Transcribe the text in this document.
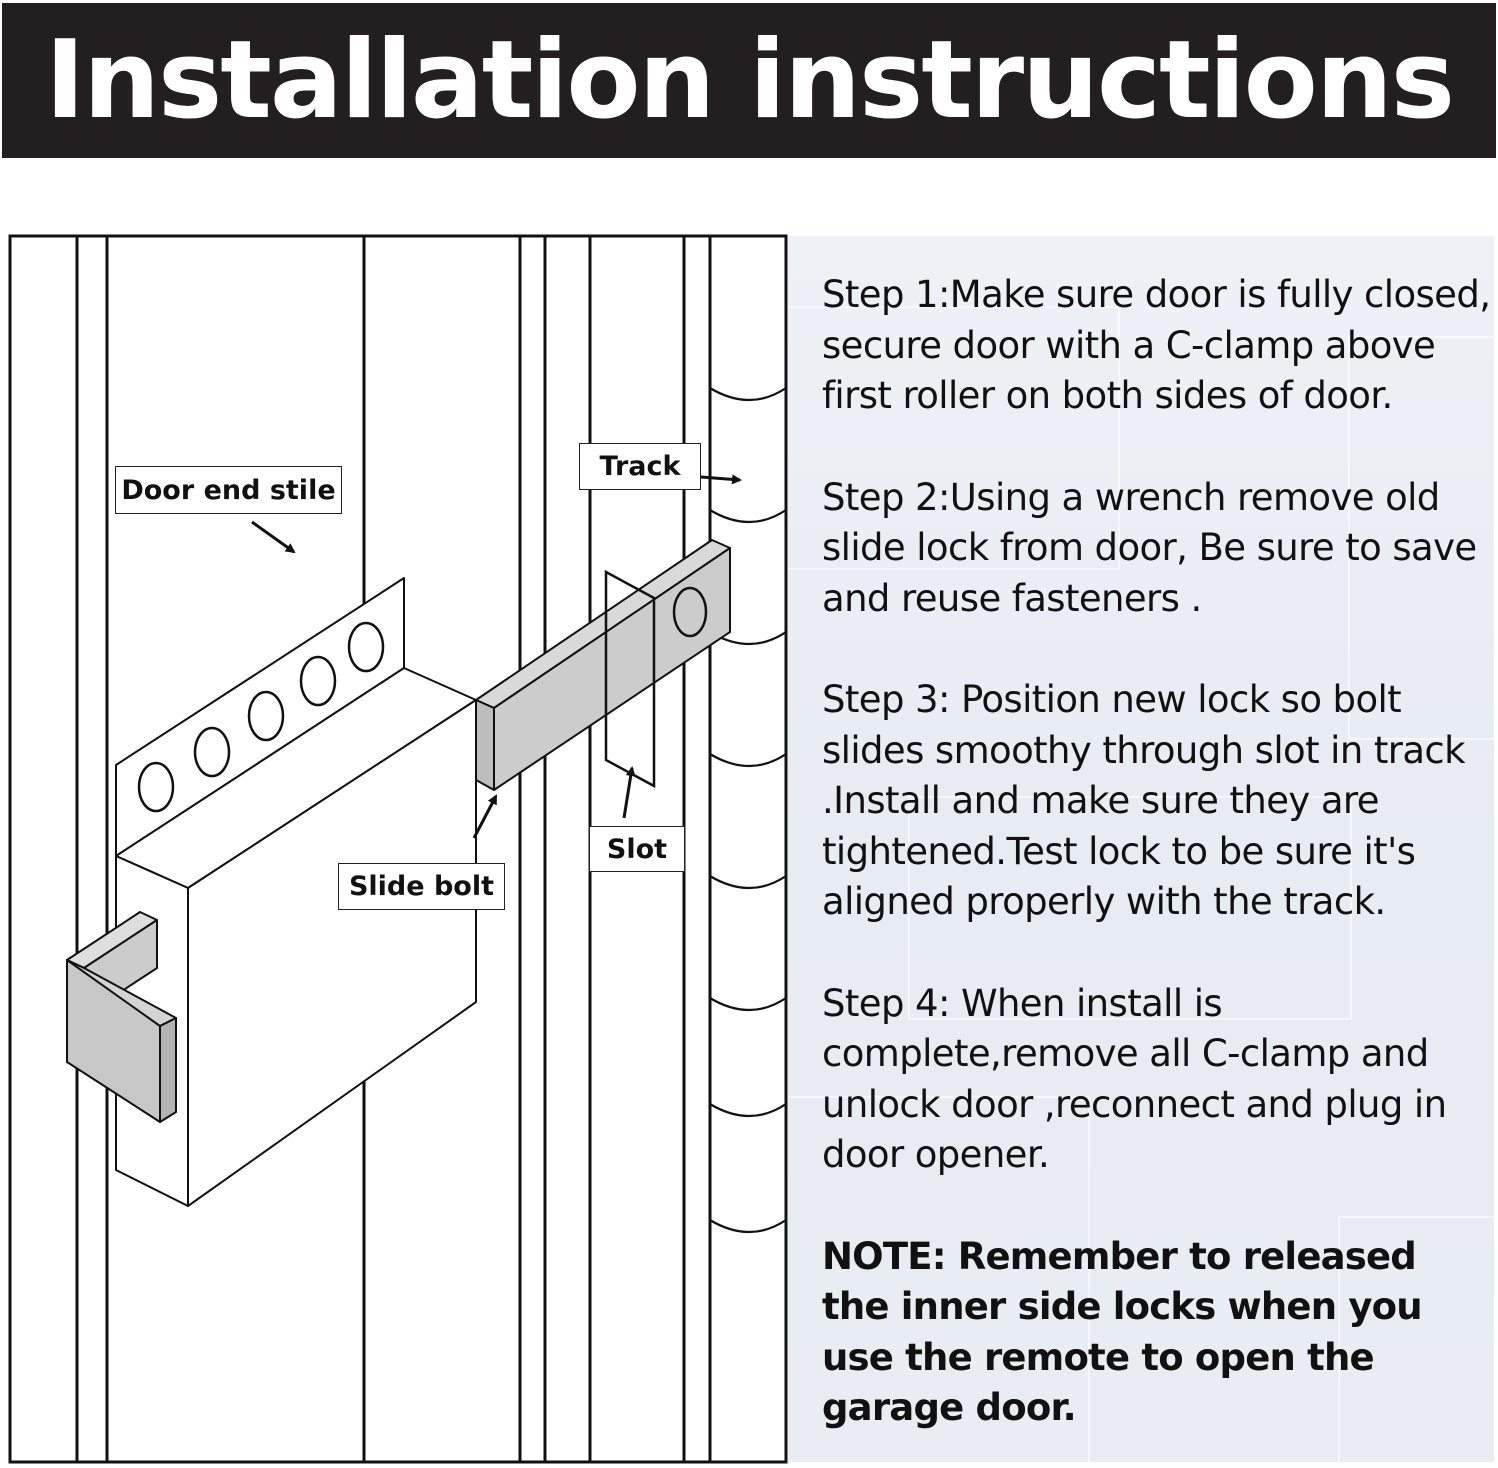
Installation instructions
Door end stile
Track
Slide bolt
Slot

Step 1:Make sure door is fully closed, secure door with a C-clamp above first roller on both sides of door.

Step 2:Using a wrench remove old slide lock from door, Be sure to save and reuse fasteners .

Step 3: Position new lock so bolt slides smoothy through slot in track .Install and make sure they are tightened.Test lock to be sure it's aligned properly with the track.

Step 4: When install is complete,remove all C-clamp and unlock door ,reconnect and plug in door opener.

NOTE: Remember to released the inner side locks when you use the remote to open the garage door.
